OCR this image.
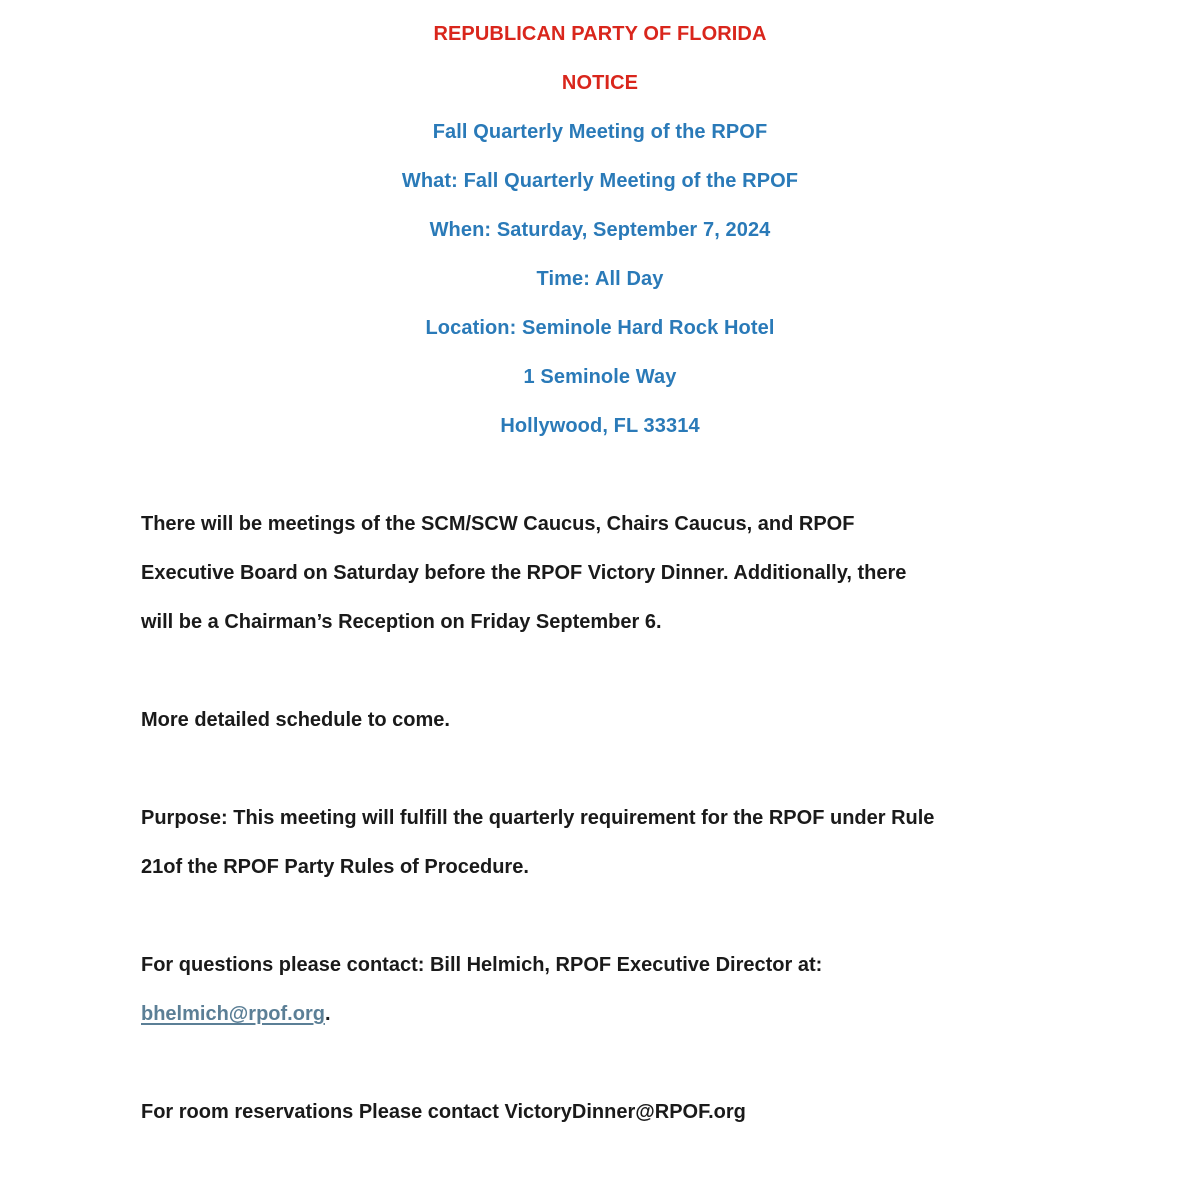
REPUBLICAN PARTY OF FLORIDA

NOTICE

Fall Quarterly Meeting of the RPOF

What: Fall Quarterly Meeting of the RPOF

When: Saturday, September 7, 2024

Time: All Day

Location: Seminole Hard Rock Hotel

1 Seminole Way

Hollywood, FL 33314

There will be meetings of the SCM/SCW Caucus, Chairs Caucus, and RPOF

Executive Board on Saturday before the RPOF Victory Dinner. Additionally, there

will be a Chairman’s Reception on Friday September 6.

More detailed schedule to come.

Purpose: This meeting will fulfill the quarterly requirement for the RPOF under Rule

21of the RPOF Party Rules of Procedure.

For questions please contact: Bill Helmich, RPOF Executive Director at:

bhelmich@rpof.org.

For room reservations Please contact VictoryDinner@RPOF.org
